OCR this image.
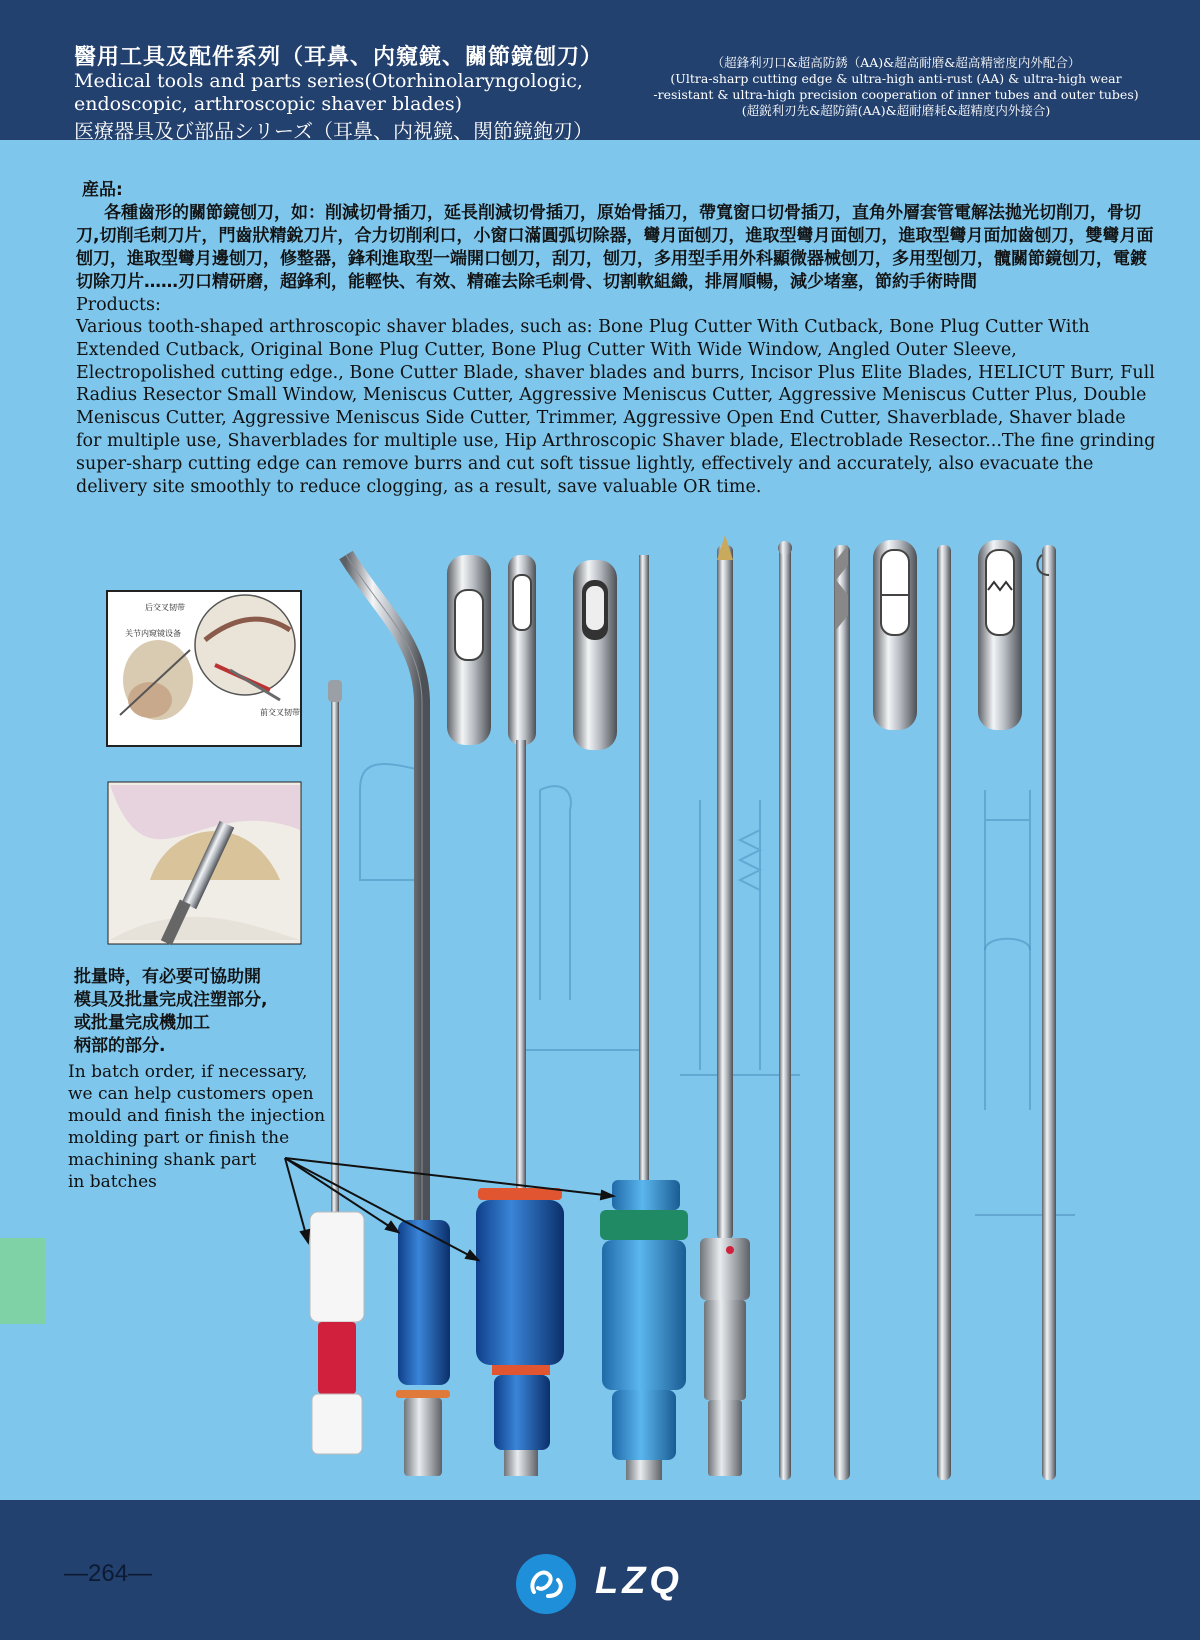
醫用工具及配件系列（耳鼻、内窺鏡、關節鏡刨刀）
Medical tools and parts series(Otorhinolaryngologic,
endoscopic, arthroscopic shaver blades)
医療器具及び部品シリーズ（耳鼻、内視鏡、関節鏡鉋刃）
（超鋒利刃口&超高防銹（AA)&超高耐磨&超高精密度内外配合）
(Ultra-sharp cutting edge & ultra-high anti-rust (AA) & ultra-high wear
-resistant & ultra-high precision cooperation of inner tubes and outer tubes)
(超鋭利刃先&超防錆(AA)&超耐磨耗&超精度内外接合)
産品:
各種齒形的關節鏡刨刀，如：削減切骨插刀，延長削減切骨插刀，原始骨插刀，帶寬窗口切骨插刀，直角外層套管電解法拋光切削刀，骨切刀,切削毛刺刀片，門齒狀精銳刀片，合力切削利口，小窗口滿圓弧切除器，彎月面刨刀，進取型彎月面刨刀，進取型彎月面加齒刨刀，雙彎月面刨刀，進取型彎月邊刨刀，修整器，鋒利進取型一端開口刨刀，刮刀，刨刀，多用型手用外科顯微器械刨刀，多用型刨刀，髖關節鏡刨刀，電鍍切除刀片……刃口精研磨，超鋒利，能輕快、有效、精確去除毛刺骨、切割軟組織，排屑順暢，減少堵塞，節約手術時間
Products:
Various tooth-shaped arthroscopic shaver blades, such as: Bone Plug Cutter With Cutback, Bone Plug Cutter With Extended Cutback, Original Bone Plug Cutter, Bone Plug Cutter With Wide Window, Angled Outer Sleeve, Electropolished cutting edge., Bone Cutter Blade, shaver blades and burrs, Incisor Plus Elite Blades, HELICUT Burr, Full Radius Resector Small Window, Meniscus Cutter, Aggressive Meniscus Cutter, Aggressive Meniscus Cutter Plus, Double Meniscus Cutter, Aggressive Meniscus Side Cutter, Trimmer, Aggressive Open End Cutter, Shaverblade, Shaver blade for multiple use, Shaverblades for multiple use, Hip Arthroscopic Shaver blade, Electroblade Resector...The fine grinding super-sharp cutting edge can remove burrs and cut soft tissue lightly, effectively and accurately, also evacuate the delivery site smoothly to reduce clogging, as a result, save valuable OR time.
后交叉韧带
关节内窥镜设备
前交叉韧带
批量時，有必要可協助開
模具及批量完成注塑部分,
或批量完成機加工
柄部的部分.
In batch order, if necessary,
we can help customers open
mould and finish the injection
molding part or finish the
machining shank part
in batches
—264—	LZQ
